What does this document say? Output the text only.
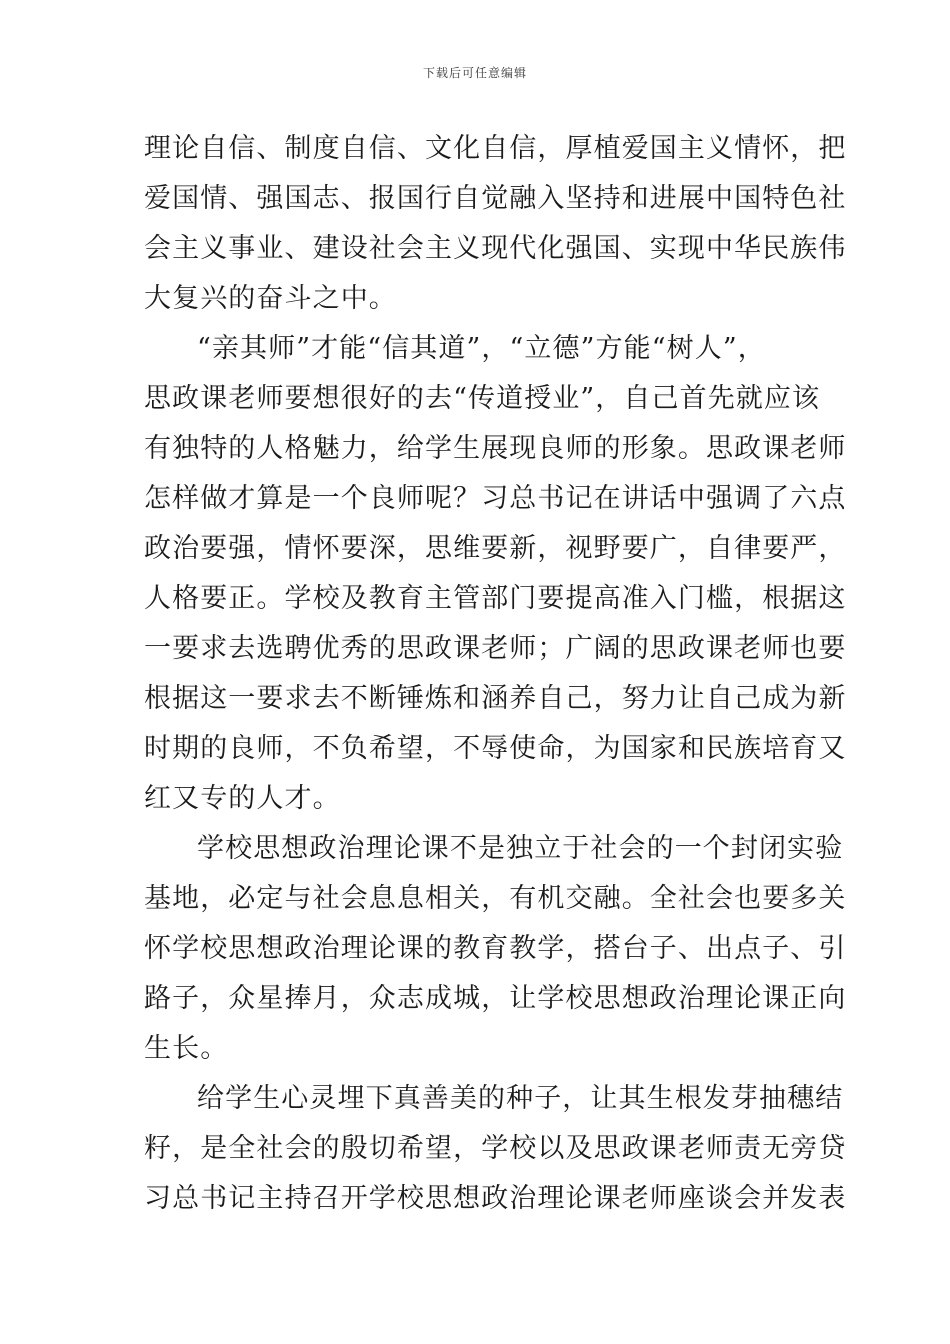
下载后可任意编辑
理论自信、制度自信、文化自信，厚植爱国主义情怀，把
爱国情、强国志、报国行自觉融入坚持和进展中国特色社
会主义事业、建设社会主义现代化强国、实现中华民族伟
大复兴的奋斗之中。
“亲其师”才能“信其道”，“立德”方能“树人”，
思政课老师要想很好的去“传道授业”，自己首先就应该
有独特的人格魅力，给学生展现良师的形象。思政课老师
怎样做才算是一个良师呢？习总书记在讲话中强调了六点
政治要强，情怀要深，思维要新，视野要广，自律要严，
人格要正。学校及教育主管部门要提高准入门槛，根据这
一要求去选聘优秀的思政课老师；广阔的思政课老师也要
根据这一要求去不断锤炼和涵养自己，努力让自己成为新
时期的良师，不负希望，不辱使命，为国家和民族培育又
红又专的人才。
学校思想政治理论课不是独立于社会的一个封闭实验
基地，必定与社会息息相关，有机交融。全社会也要多关
怀学校思想政治理论课的教育教学，搭台子、出点子、引
路子，众星捧月，众志成城，让学校思想政治理论课正向
生长。
给学生心灵埋下真善美的种子，让其生根发芽抽穗结
籽，是全社会的殷切希望，学校以及思政课老师责无旁贷
习总书记主持召开学校思想政治理论课老师座谈会并发表
